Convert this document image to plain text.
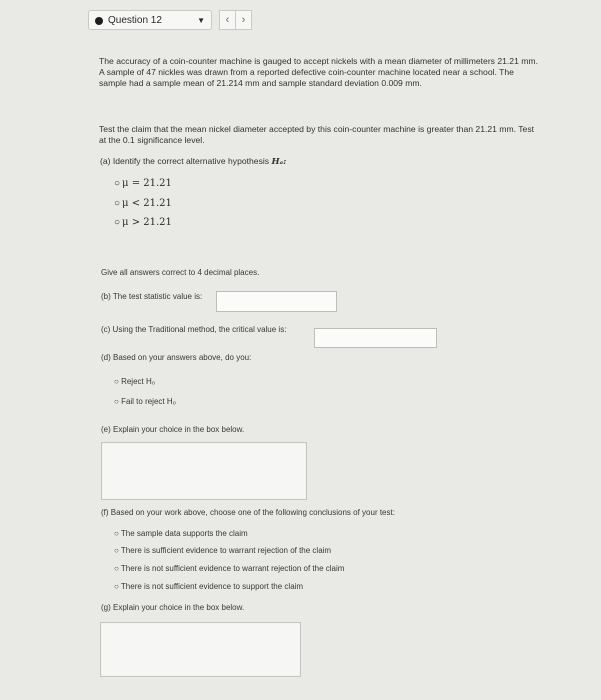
Question 12	▼	‹	›
The accuracy of a coin-counter machine is gauged to accept nickels with a mean diameter of millimeters 21.21 mm. A sample of 47 nickles was drawn from a reported defective coin-counter machine located near a school. The sample had a sample mean of 21.214 mm and sample standard deviation 0.009 mm.
Test the claim that the mean nickel diameter accepted by this coin-counter machine is greater than 21.21 mm. Test at the 0.1 significance level.
(a) Identify the correct alternative hypothesis Hₐ:
○ μ = 21.21
○ μ < 21.21
○ μ > 21.21
Give all answers correct to 4 decimal places.
(b) The test statistic value is:
(c) Using the Traditional method, the critical value is:
(d) Based on your answers above, do you:
○ Reject H₀
○ Fail to reject H₀
(e) Explain your choice in the box below.
(f) Based on your work above, choose one of the following conclusions of your test:
○ The sample data supports the claim
○ There is sufficient evidence to warrant rejection of the claim
○ There is not sufficient evidence to warrant rejection of the claim
○ There is not sufficient evidence to support the claim
(g) Explain your choice in the box below.
